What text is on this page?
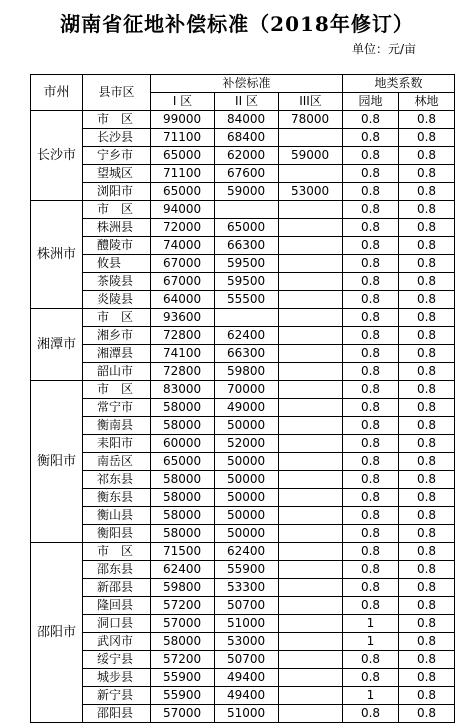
湖南省征地补偿标准（2018年修订）
单位：元/亩
市州	县市区	补偿标准			地类系数	
		I 区	II 区	III区	园地	林地
长沙市	市　区	99000	84000	78000	0.8	0.8
	长沙县	71100	68400		0.8	0.8
	宁乡市	65000	62000	59000	0.8	0.8
	望城区	71100	67600		0.8	0.8
	浏阳市	65000	59000	53000	0.8	0.8
株洲市	市　区	94000			0.8	0.8
	株洲县	72000	65000		0.8	0.8
	醴陵市	74000	66300		0.8	0.8
	攸县	67000	59500		0.8	0.8
	茶陵县	67000	59500		0.8	0.8
	炎陵县	64000	55500		0.8	0.8
湘潭市	市　区	93600			0.8	0.8
	湘乡市	72800	62400		0.8	0.8
	湘潭县	74100	66300		0.8	0.8
	韶山市	72800	59800		0.8	0.8
衡阳市	市　区	83000	70000		0.8	0.8
	常宁市	58000	49000		0.8	0.8
	衡南县	58000	50000		0.8	0.8
	耒阳市	60000	52000		0.8	0.8
	南岳区	65000	50000		0.8	0.8
	祁东县	58000	50000		0.8	0.8
	衡东县	58000	50000		0.8	0.8
	衡山县	58000	50000		0.8	0.8
	衡阳县	58000	50000		0.8	0.8
邵阳市	市　区	71500	62400		0.8	0.8
	邵东县	62400	55900		0.8	0.8
	新邵县	59800	53300		0.8	0.8
	隆回县	57200	50700		0.8	0.8
	洞口县	57000	51000		1	0.8
	武冈市	58000	53000		1	0.8
	绥宁县	57200	50700		0.8	0.8
	城步县	55900	49400		0.8	0.8
	新宁县	55900	49400		1	0.8
	邵阳县	57000	51000		0.8	0.8
